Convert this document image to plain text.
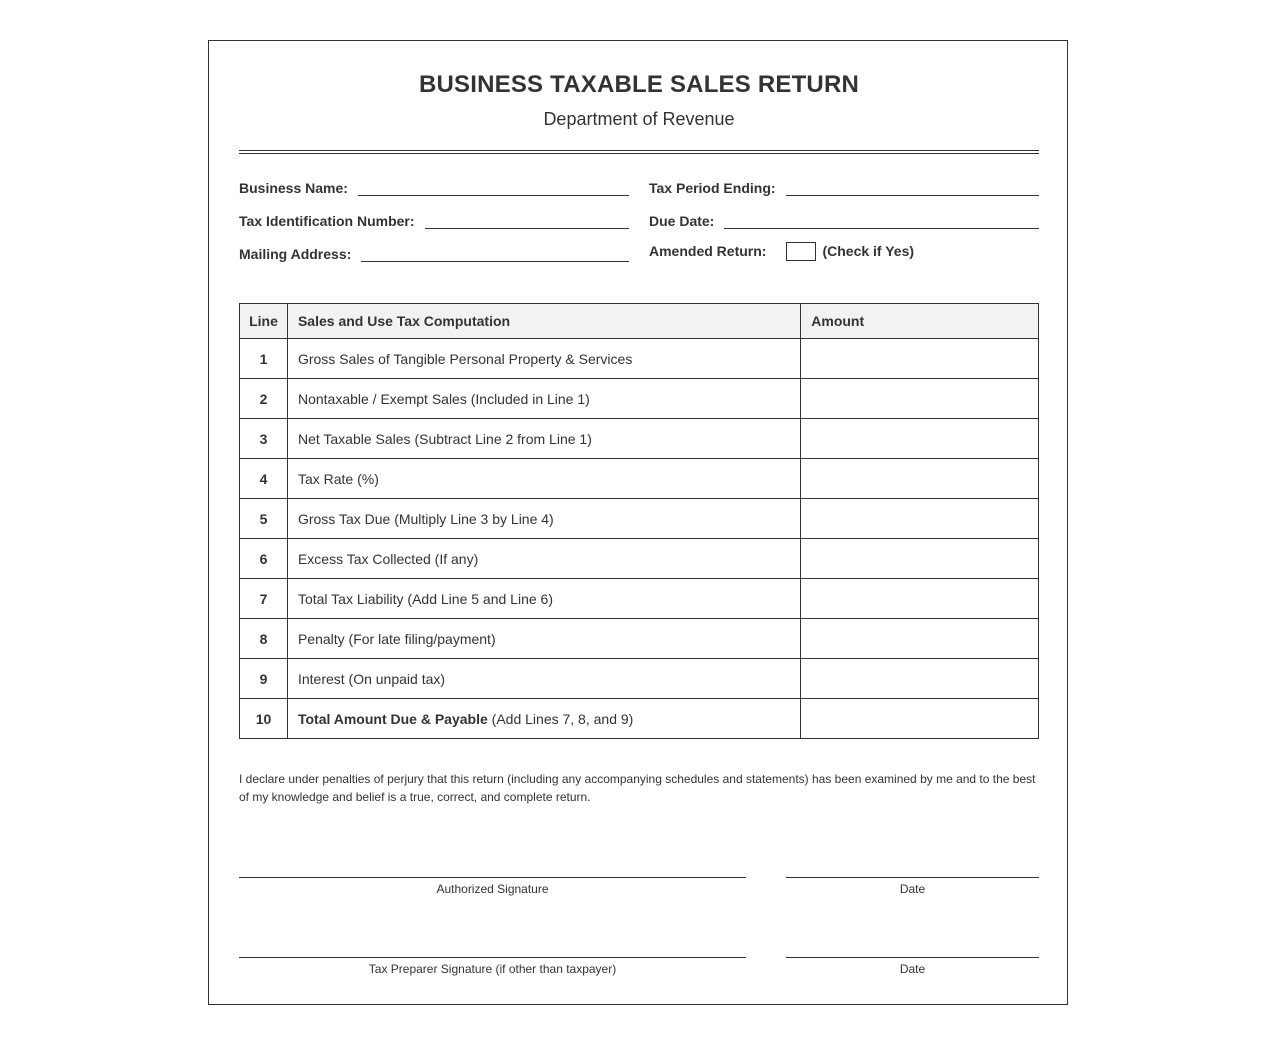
BUSINESS TAXABLE SALES RETURN
Department of Revenue
Business Name:
Tax Identification Number:
Mailing Address:
Tax Period Ending:
Due Date:
Amended Return:	(Check if Yes)
Line	Sales and Use Tax Computation	Amount
1	Gross Sales of Tangible Personal Property & Services	
2	Nontaxable / Exempt Sales (Included in Line 1)	
3	Net Taxable Sales (Subtract Line 2 from Line 1)	
4	Tax Rate (%)	
5	Gross Tax Due (Multiply Line 3 by Line 4)	
6	Excess Tax Collected (If any)	
7	Total Tax Liability (Add Line 5 and Line 6)	
8	Penalty (For late filing/payment)	
9	Interest (On unpaid tax)	
10	Total Amount Due & Payable (Add Lines 7, 8, and 9)	
I declare under penalties of perjury that this return (including any accompanying schedules and statements) has been examined by me and to the best of my knowledge and belief is a true, correct, and complete return.
Authorized Signature	Date
Tax Preparer Signature (if other than taxpayer)	Date
